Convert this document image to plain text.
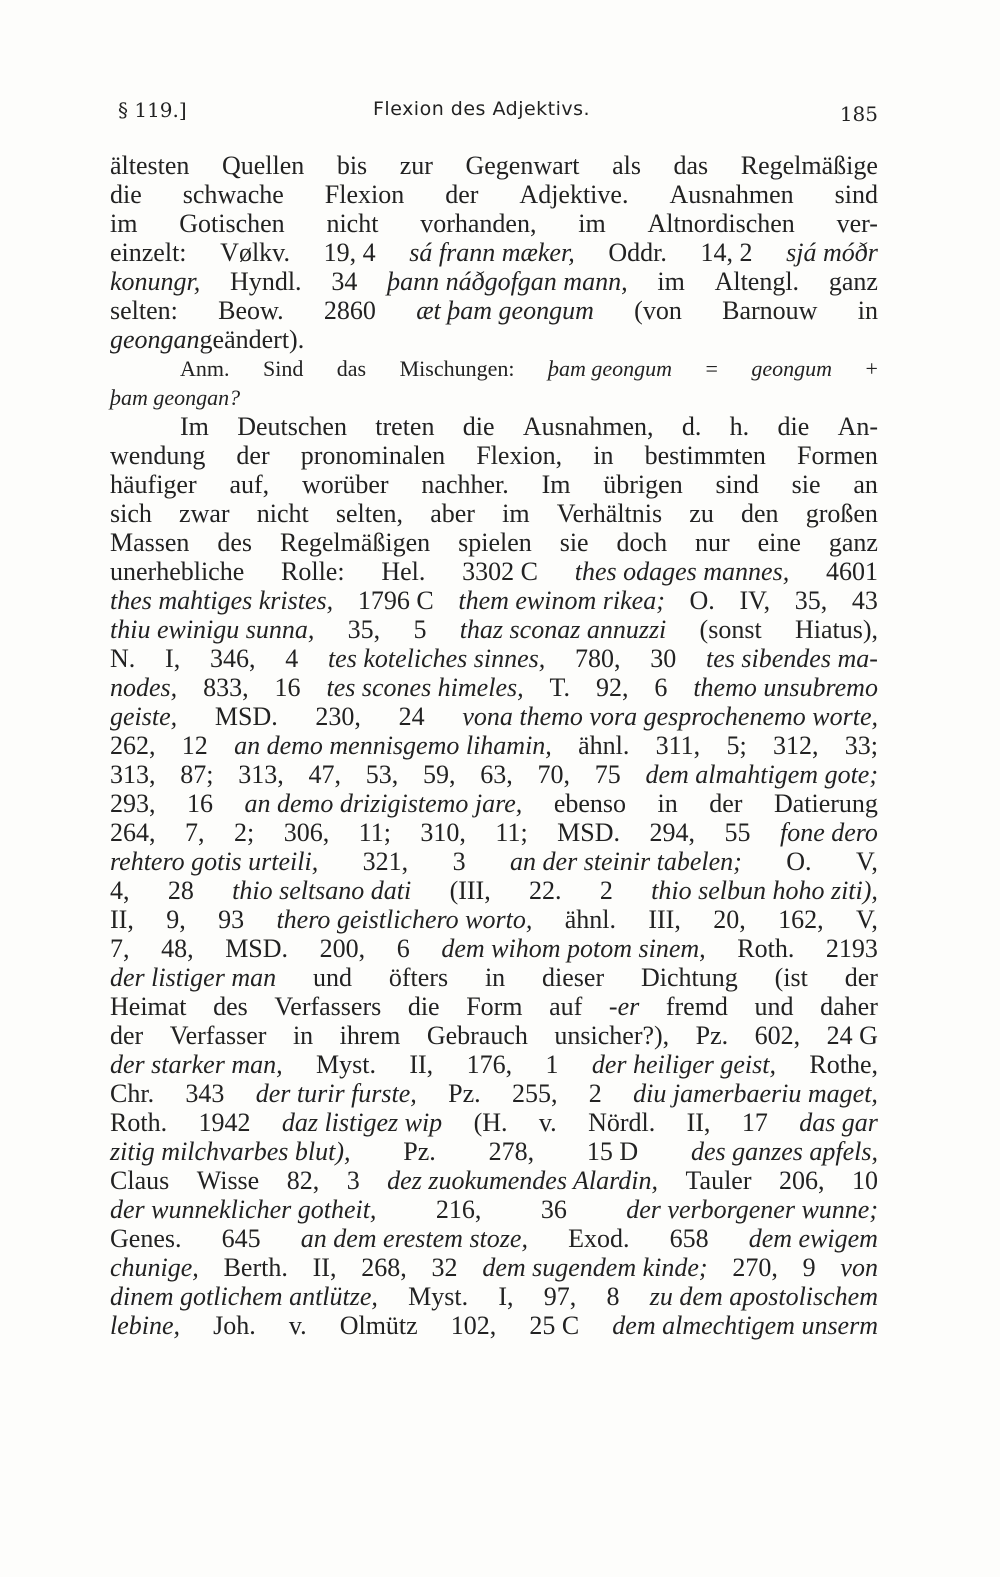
§ 119.]	Flexion des Adjektivs.	185
ältesten Quellen bis zur Gegenwart als das Regelmäßige
die schwache Flexion der Adjektive. Ausnahmen sind
im Gotischen nicht vorhanden, im Altnordischen ver-
einzelt: Vølkv. 19, 4 sá frann mæker, Oddr. 14, 2 sjá móðr
konungr, Hyndl. 34 þann náðgofgan mann, im Altengl. ganz
selten: Beow. 2860 æt þam geongum (von Barnouw in
geongan geändert).
Anm. Sind das Mischungen: þam geongum = geongum +
þam geongan?
Im Deutschen treten die Ausnahmen, d. h. die An-
wendung der pronominalen Flexion, in bestimmten Formen
häufiger auf, worüber nachher. Im übrigen sind sie an
sich zwar nicht selten, aber im Verhältnis zu den großen
Massen des Regelmäßigen spielen sie doch nur eine ganz
unerhebliche Rolle: Hel. 3302 C thes odages mannes, 4601
thes mahtiges kristes, 1796 C them ewinom rikea; O. IV, 35, 43
thiu ewinigu sunna, 35, 5 thaz sconaz annuzzi (sonst Hiatus),
N. I, 346, 4 tes koteliches sinnes, 780, 30 tes sibendes ma-
nodes, 833, 16 tes scones himeles, T. 92, 6 themo unsubremo
geiste, MSD. 230, 24 vona themo vora gesprochenemo worte,
262, 12 an demo mennisgemo lihamin, ähnl. 311, 5; 312, 33;
313, 87; 313, 47, 53, 59, 63, 70, 75 dem almahtigem gote;
293, 16 an demo drizigistemo jare, ebenso in der Datierung
264, 7, 2; 306, 11; 310, 11; MSD. 294, 55 fone dero
rehtero gotis urteili, 321, 3 an der steinir tabelen; O. V,
4, 28 thio seltsano dati (III, 22. 2 thio selbun hoho ziti),
II, 9, 93 thero geistlichero worto, ähnl. III, 20, 162, V,
7, 48, MSD. 200, 6 dem wihom potom sinem, Roth. 2193
der listiger man und öfters in dieser Dichtung (ist der
Heimat des Verfassers die Form auf -er fremd und daher
der Verfasser in ihrem Gebrauch unsicher?), Pz. 602, 24 G
der starker man, Myst. II, 176, 1 der heiliger geist, Rothe,
Chr. 343 der turir furste, Pz. 255, 2 diu jamerbaeriu maget,
Roth. 1942 daz listigez wip (H. v. Nördl. II, 17 das gar
zitig milchvarbes blut), Pz. 278, 15 D des ganzes apfels,
Claus Wisse 82, 3 dez zuokumendes Alardin, Tauler 206, 10
der wunneklicher gotheit, 216, 36 der verborgener wunne;
Genes. 645 an dem erestem stoze, Exod. 658 dem ewigem
chunige, Berth. II, 268, 32 dem sugendem kinde; 270, 9 von
dinem gotlichem antlütze, Myst. I, 97, 8 zu dem apostolischem
lebine, Joh. v. Olmütz 102, 25 C dem almechtigem unserm
